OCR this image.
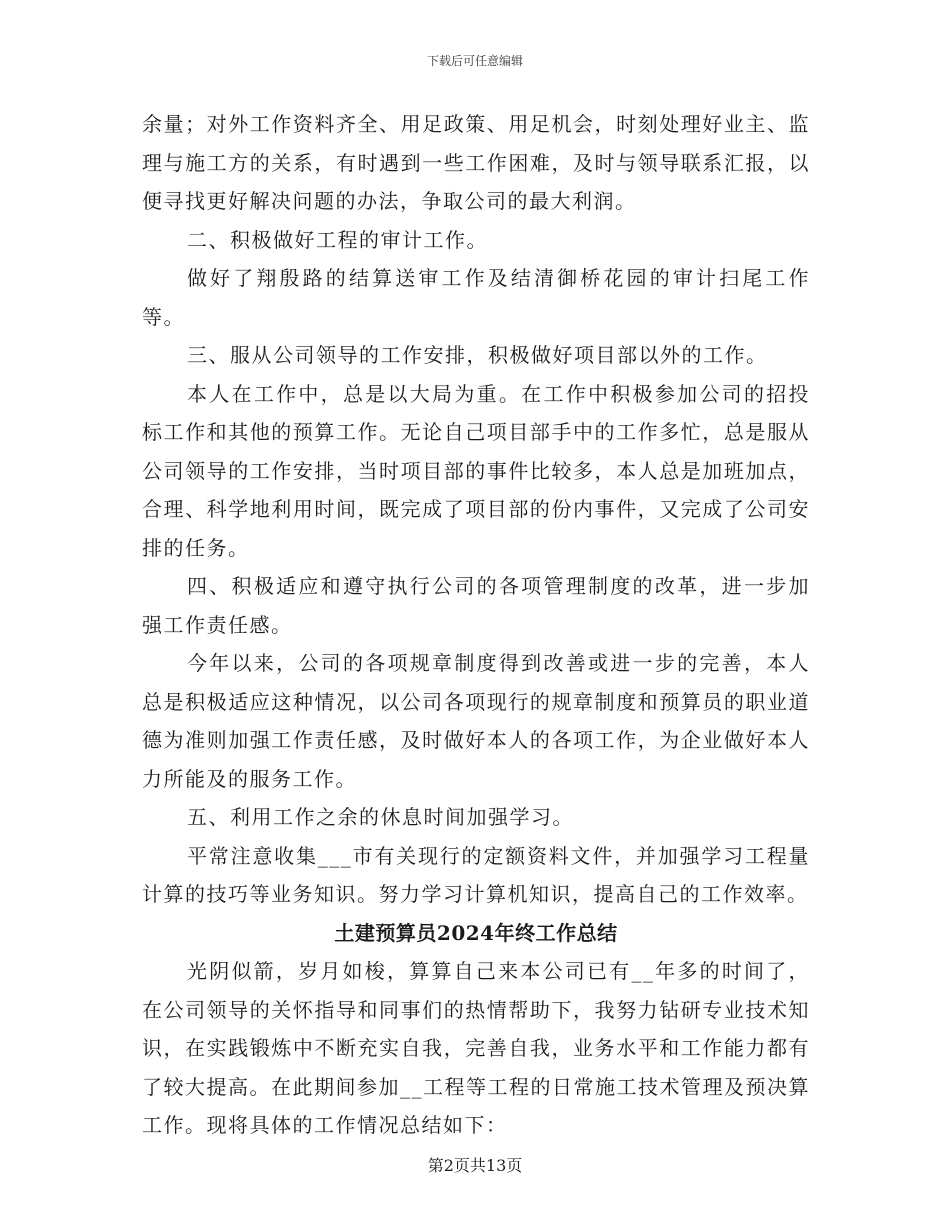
下载后可任意编辑

余量；对外工作资料齐全、用足政策、用足机会，时刻处理好业主、监理与施工方的关系，有时遇到一些工作困难，及时与领导联系汇报，以便寻找更好解决问题的办法，争取公司的最大利润。

二、积极做好工程的审计工作。

做好了翔殷路的结算送审工作及结清御桥花园的审计扫尾工作等。

三、服从公司领导的工作安排，积极做好项目部以外的工作。

本人在工作中，总是以大局为重。在工作中积极参加公司的招投标工作和其他的预算工作。无论自己项目部手中的工作多忙，总是服从公司领导的工作安排，当时项目部的事件比较多，本人总是加班加点，合理、科学地利用时间，既完成了项目部的份内事件，又完成了公司安排的任务。

四、积极适应和遵守执行公司的各项管理制度的改革，进一步加强工作责任感。

今年以来，公司的各项规章制度得到改善或进一步的完善，本人总是积极适应这种情况，以公司各项现行的规章制度和预算员的职业道德为准则加强工作责任感，及时做好本人的各项工作，为企业做好本人力所能及的服务工作。

五、利用工作之余的休息时间加强学习。

平常注意收集___市有关现行的定额资料文件，并加强学习工程量计算的技巧等业务知识。努力学习计算机知识，提高自己的工作效率。

土建预算员2024年终工作总结

光阴似箭，岁月如梭，算算自己来本公司已有__年多的时间了，在公司领导的关怀指导和同事们的热情帮助下，我努力钻研专业技术知识，在实践锻炼中不断充实自我，完善自我，业务水平和工作能力都有了较大提高。在此期间参加__工程等工程的日常施工技术管理及预决算工作。现将具体的工作情况总结如下：

第2页共13页
